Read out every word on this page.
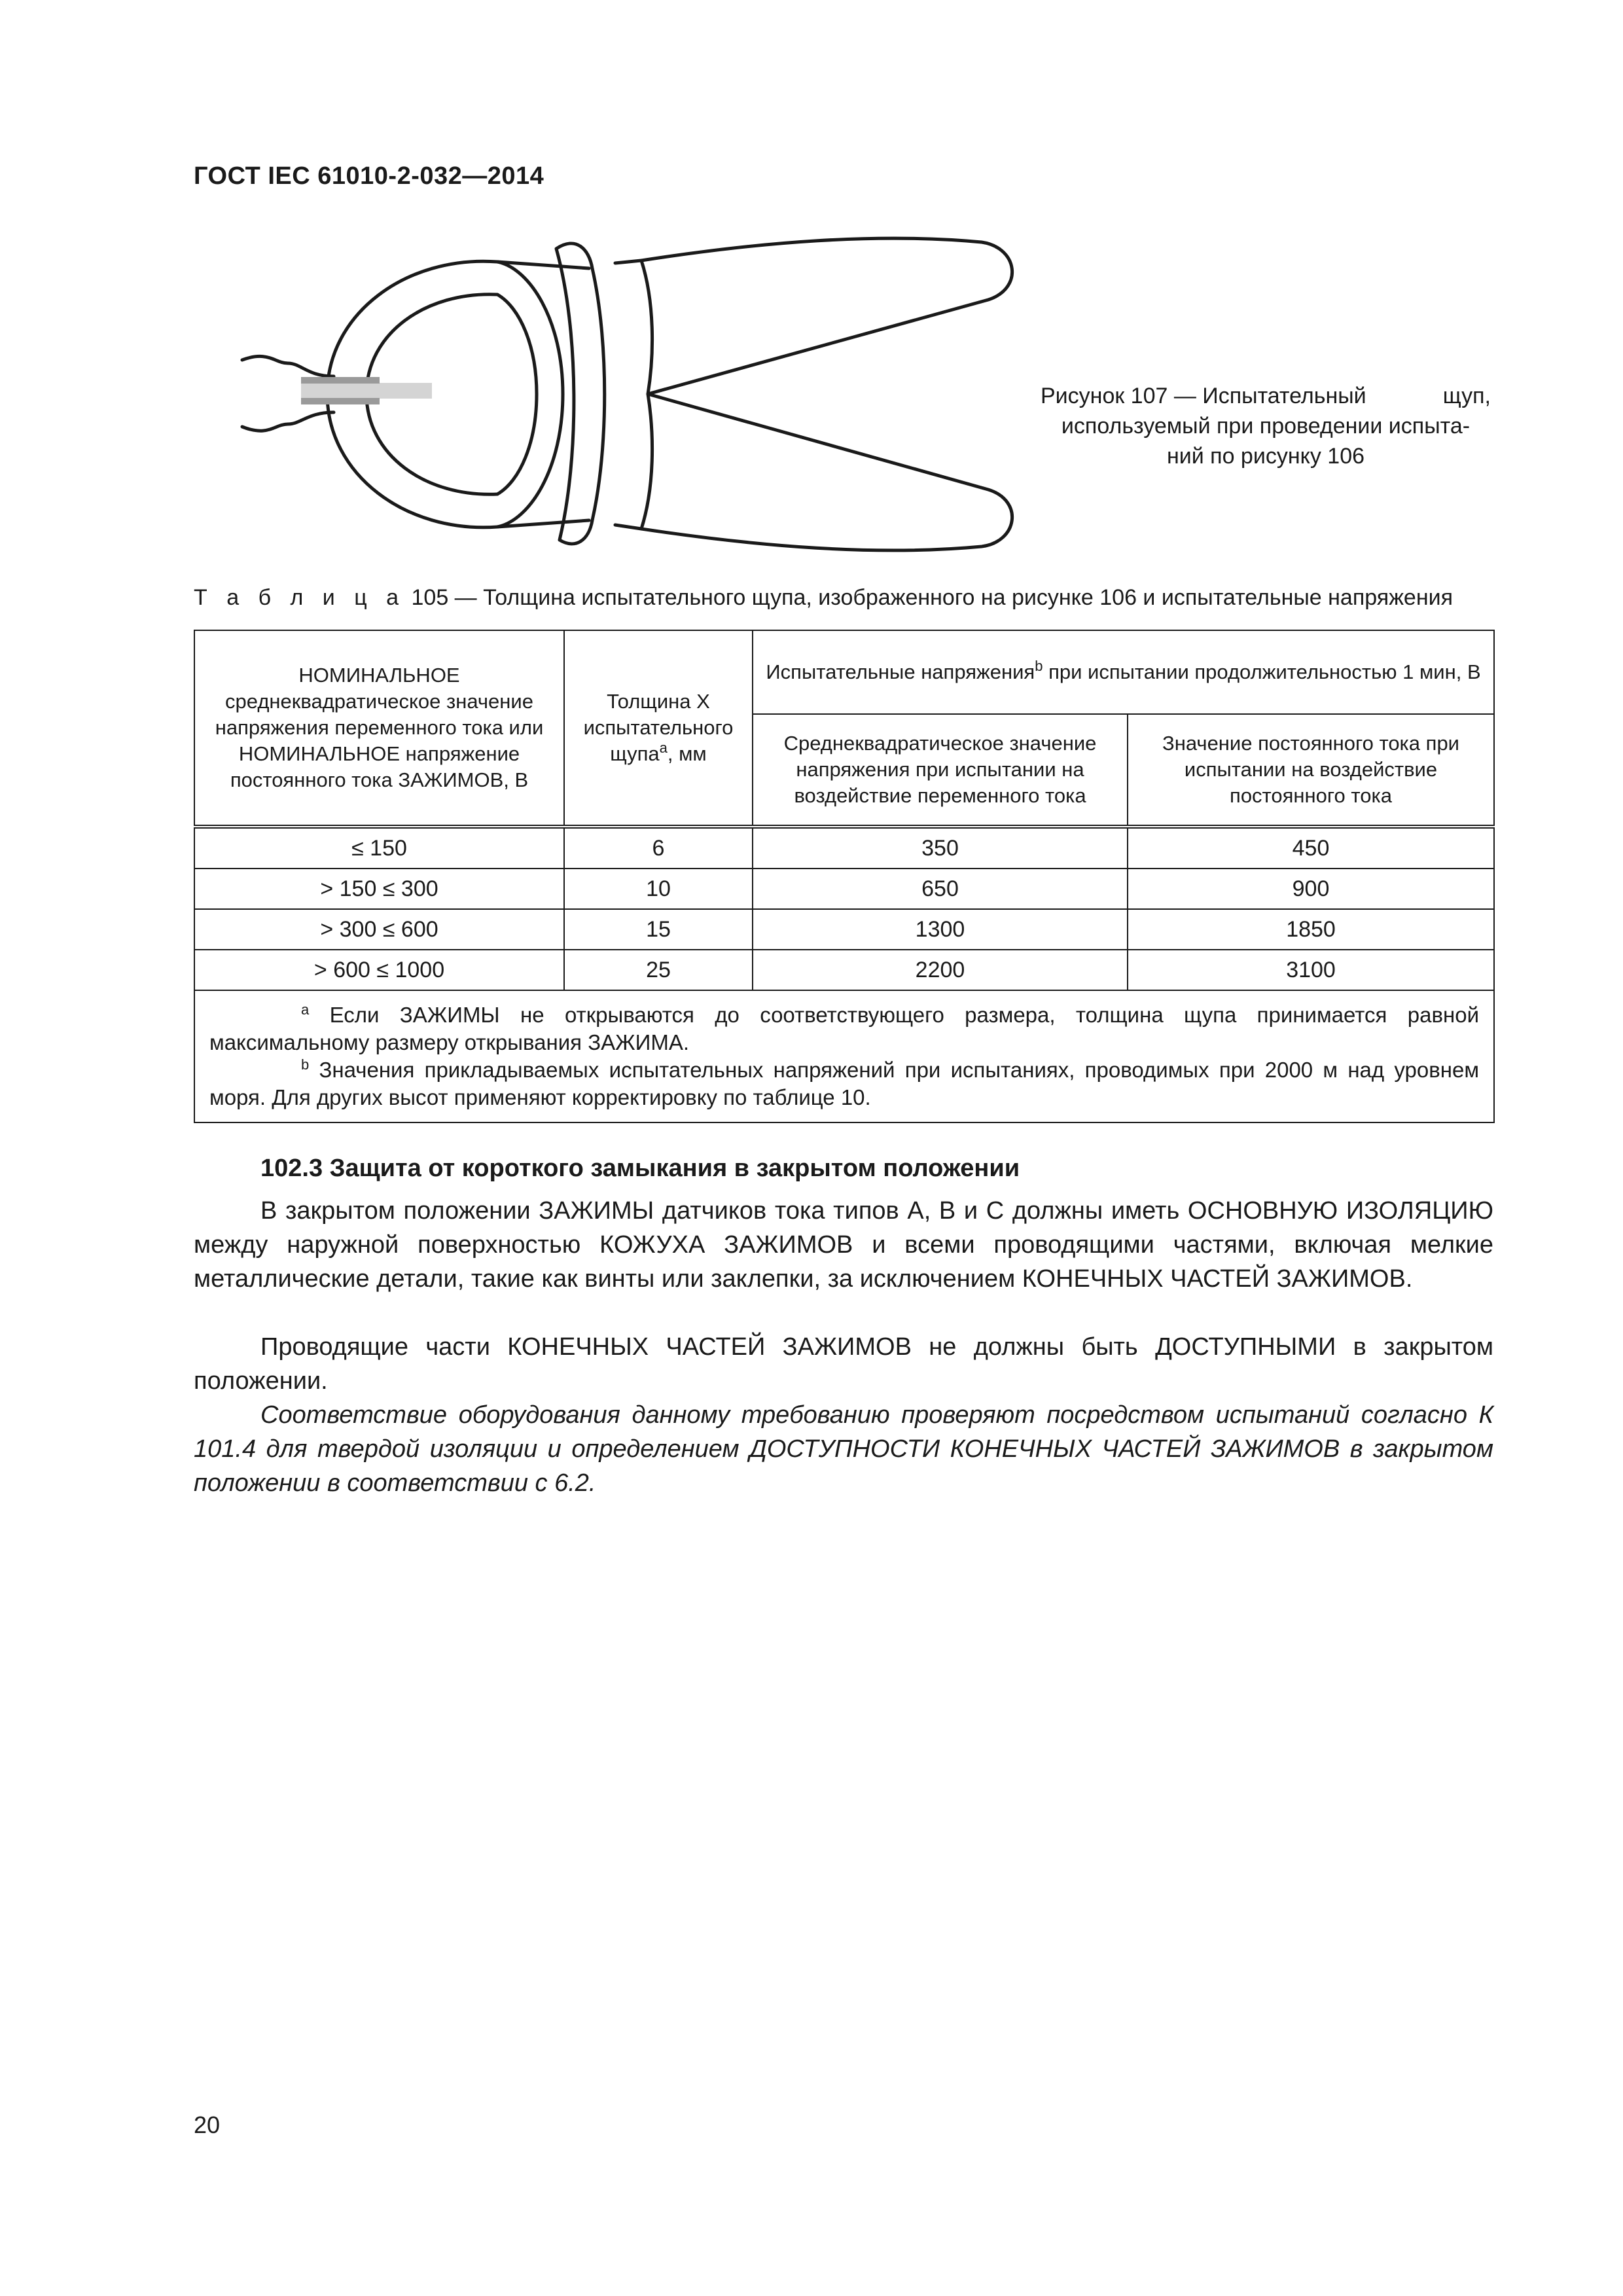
ГОСТ IEC 61010-2-032—2014
Рисунок 107 — Испытательный	щуп,
используемый при проведении испыта-
ний по рисунку 106
Т а б л и ц а 105 — Толщина испытательного щупа, изображенного на рисунке 106 и испытательные напряжения
НОМИНАЛЬНОЕ среднеквадратическое значение напряжения переменного тока или НОМИНАЛЬНОЕ напряжение постоянного тока ЗАЖИМОВ, В	Толщина X испытательного щупа$^a$, мм	Испытательные напряжения$^b$ при испытании продолжительностью 1 мин, В	
		Среднеквадратическое значение напряжения при испытании на воздействие переменного тока	Значение постоянного тока при испытании на воздействие постоянного тока
≤ 150	6	350	450
> 150 ≤ 300	10	650	900
> 300 ≤ 600	15	1300	1850
> 600 ≤ 1000	25	2200	3100

$^a$ Если ЗАЖИМЫ не открываются до соответствующего размера, толщина щупа принимается равной максимальному размеру открывания ЗАЖИМА.

$^b$ Значения прикладываемых испытательных напряжений при испытаниях, проводимых при 2000 м над уровнем моря. Для других высот применяют корректировку по таблице 10.			

102.3 Защита от короткого замыкания в закрытом положении

В закрытом положении ЗАЖИМЫ датчиков тока типов А, В и С должны иметь ОСНОВНУЮ ИЗОЛЯЦИЮ между наружной поверхностью КОЖУХА ЗАЖИМОВ и всеми проводящими частями, включая мелкие металлические детали, такие как винты или заклепки, за исключением КОНЕЧНЫХ ЧАСТЕЙ ЗАЖИМОВ.

Проводящие части КОНЕЧНЫХ ЧАСТЕЙ ЗАЖИМОВ не должны быть ДОСТУПНЫМИ в закрытом положении.

Соответствие оборудования данному требованию проверяют посредством испытаний согласно К 101.4 для твердой изоляции и определением ДОСТУПНОСТИ КОНЕЧНЫХ ЧАСТЕЙ ЗАЖИМОВ в закрытом положении в соответствии с 6.2.

20
